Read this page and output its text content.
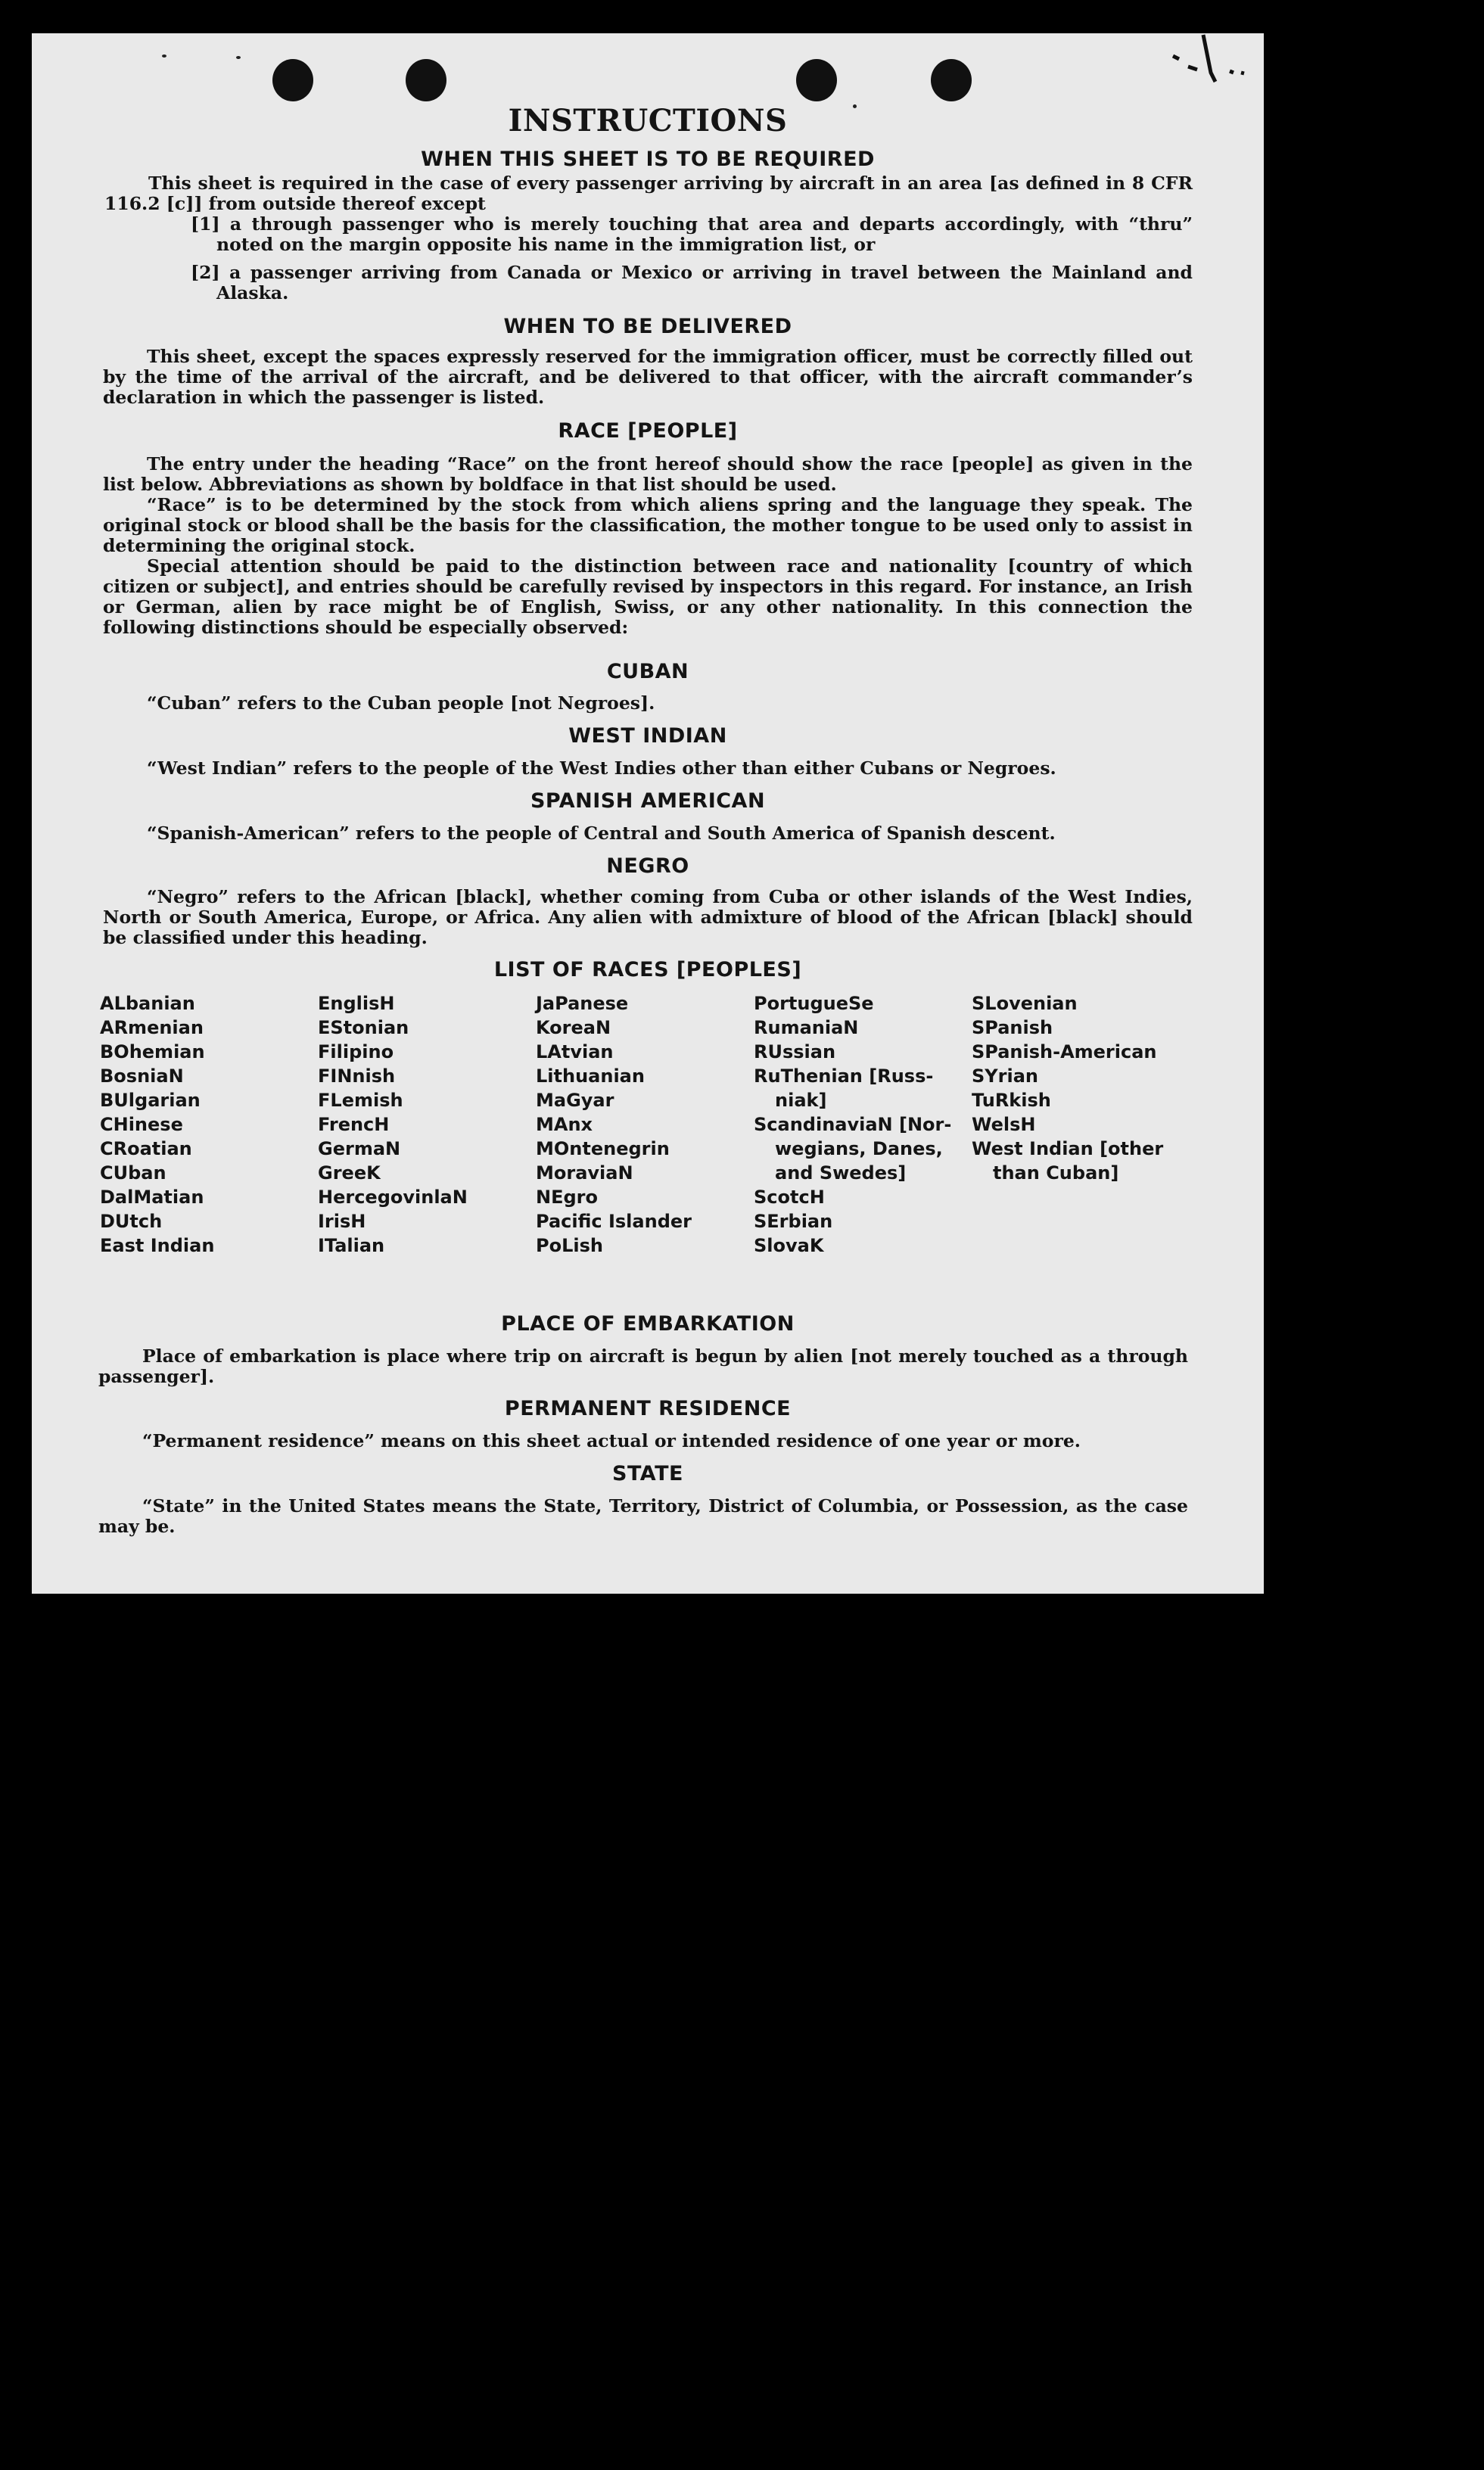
INSTRUCTIONS
WHEN THIS SHEET IS TO BE REQUIRED
This sheet is required in the case of every passenger arriving by aircraft in an area [as defined in 8 CFR 116.2 [c]] from outside thereof except
[1] a through passenger who is merely touching that area and departs accordingly, with “thru” noted on the margin opposite his name in the immigration list, or
[2] a passenger arriving from Canada or Mexico or arriving in travel between the Mainland and Alaska.
WHEN TO BE DELIVERED
This sheet, except the spaces expressly reserved for the immigration officer, must be correctly filled out by the time of the arrival of the aircraft, and be delivered to that officer, with the aircraft commander’s declaration in which the passenger is listed.
RACE [PEOPLE]
The entry under the heading “Race” on the front hereof should show the race [people] as given in the list below. Abbreviations as shown by boldface in that list should be used.
“Race” is to be determined by the stock from which aliens spring and the language they speak. The original stock or blood shall be the basis for the classification, the mother tongue to be used only to assist in determining the original stock.
Special attention should be paid to the distinction between race and nationality [country of which citizen or subject], and entries should be carefully revised by inspectors in this regard. For instance, an Irish or German, alien by race might be of English, Swiss, or any other nationality. In this connection the following distinctions should be especially observed:
CUBAN
“Cuban” refers to the Cuban people [not Negroes].
WEST INDIAN
“West Indian” refers to the people of the West Indies other than either Cubans or Negroes.
SPANISH AMERICAN
“Spanish-American” refers to the people of Central and South America of Spanish descent.
NEGRO
“Negro” refers to the African [black], whether coming from Cuba or other islands of the West Indies, North or South America, Europe, or Africa. Any alien with admixture of blood of the African [black] should be classified under this heading.
LIST OF RACES [PEOPLES]
ALbanian
ARmenian
BOhemian
BosniaN
BUlgarian
CHinese
CRoatian
CUban
DalMatian
DUtch
East Indian
EnglisH
EStonian
Filipino
FINnish
FLemish
FrencH
GermaN
GreeK
HercegovinlaN
IrisH
ITalian
JaPanese
KoreaN
LAtvian
Lithuanian
MaGyar
MAnx
MOntenegrin
MoraviaN
NEgro
Pacific Islander
PoLish
PortugueSe
RumaniaN
RUssian
RuThenian [Russ-
niak]
ScandinaviaN [Nor-
wegians, Danes,
and Swedes]
ScotcH
SErbian
SlovaK
SLovenian
SPanish
SPanish-American
SYrian
TuRkish
WelsH
West Indian [other
than Cuban]
PLACE OF EMBARKATION
Place of embarkation is place where trip on aircraft is begun by alien [not merely touched as a through passenger].
PERMANENT RESIDENCE
“Permanent residence” means on this sheet actual or intended residence of one year or more.
STATE
“State” in the United States means the State, Territory, District of Columbia, or Possession, as the case may be.
